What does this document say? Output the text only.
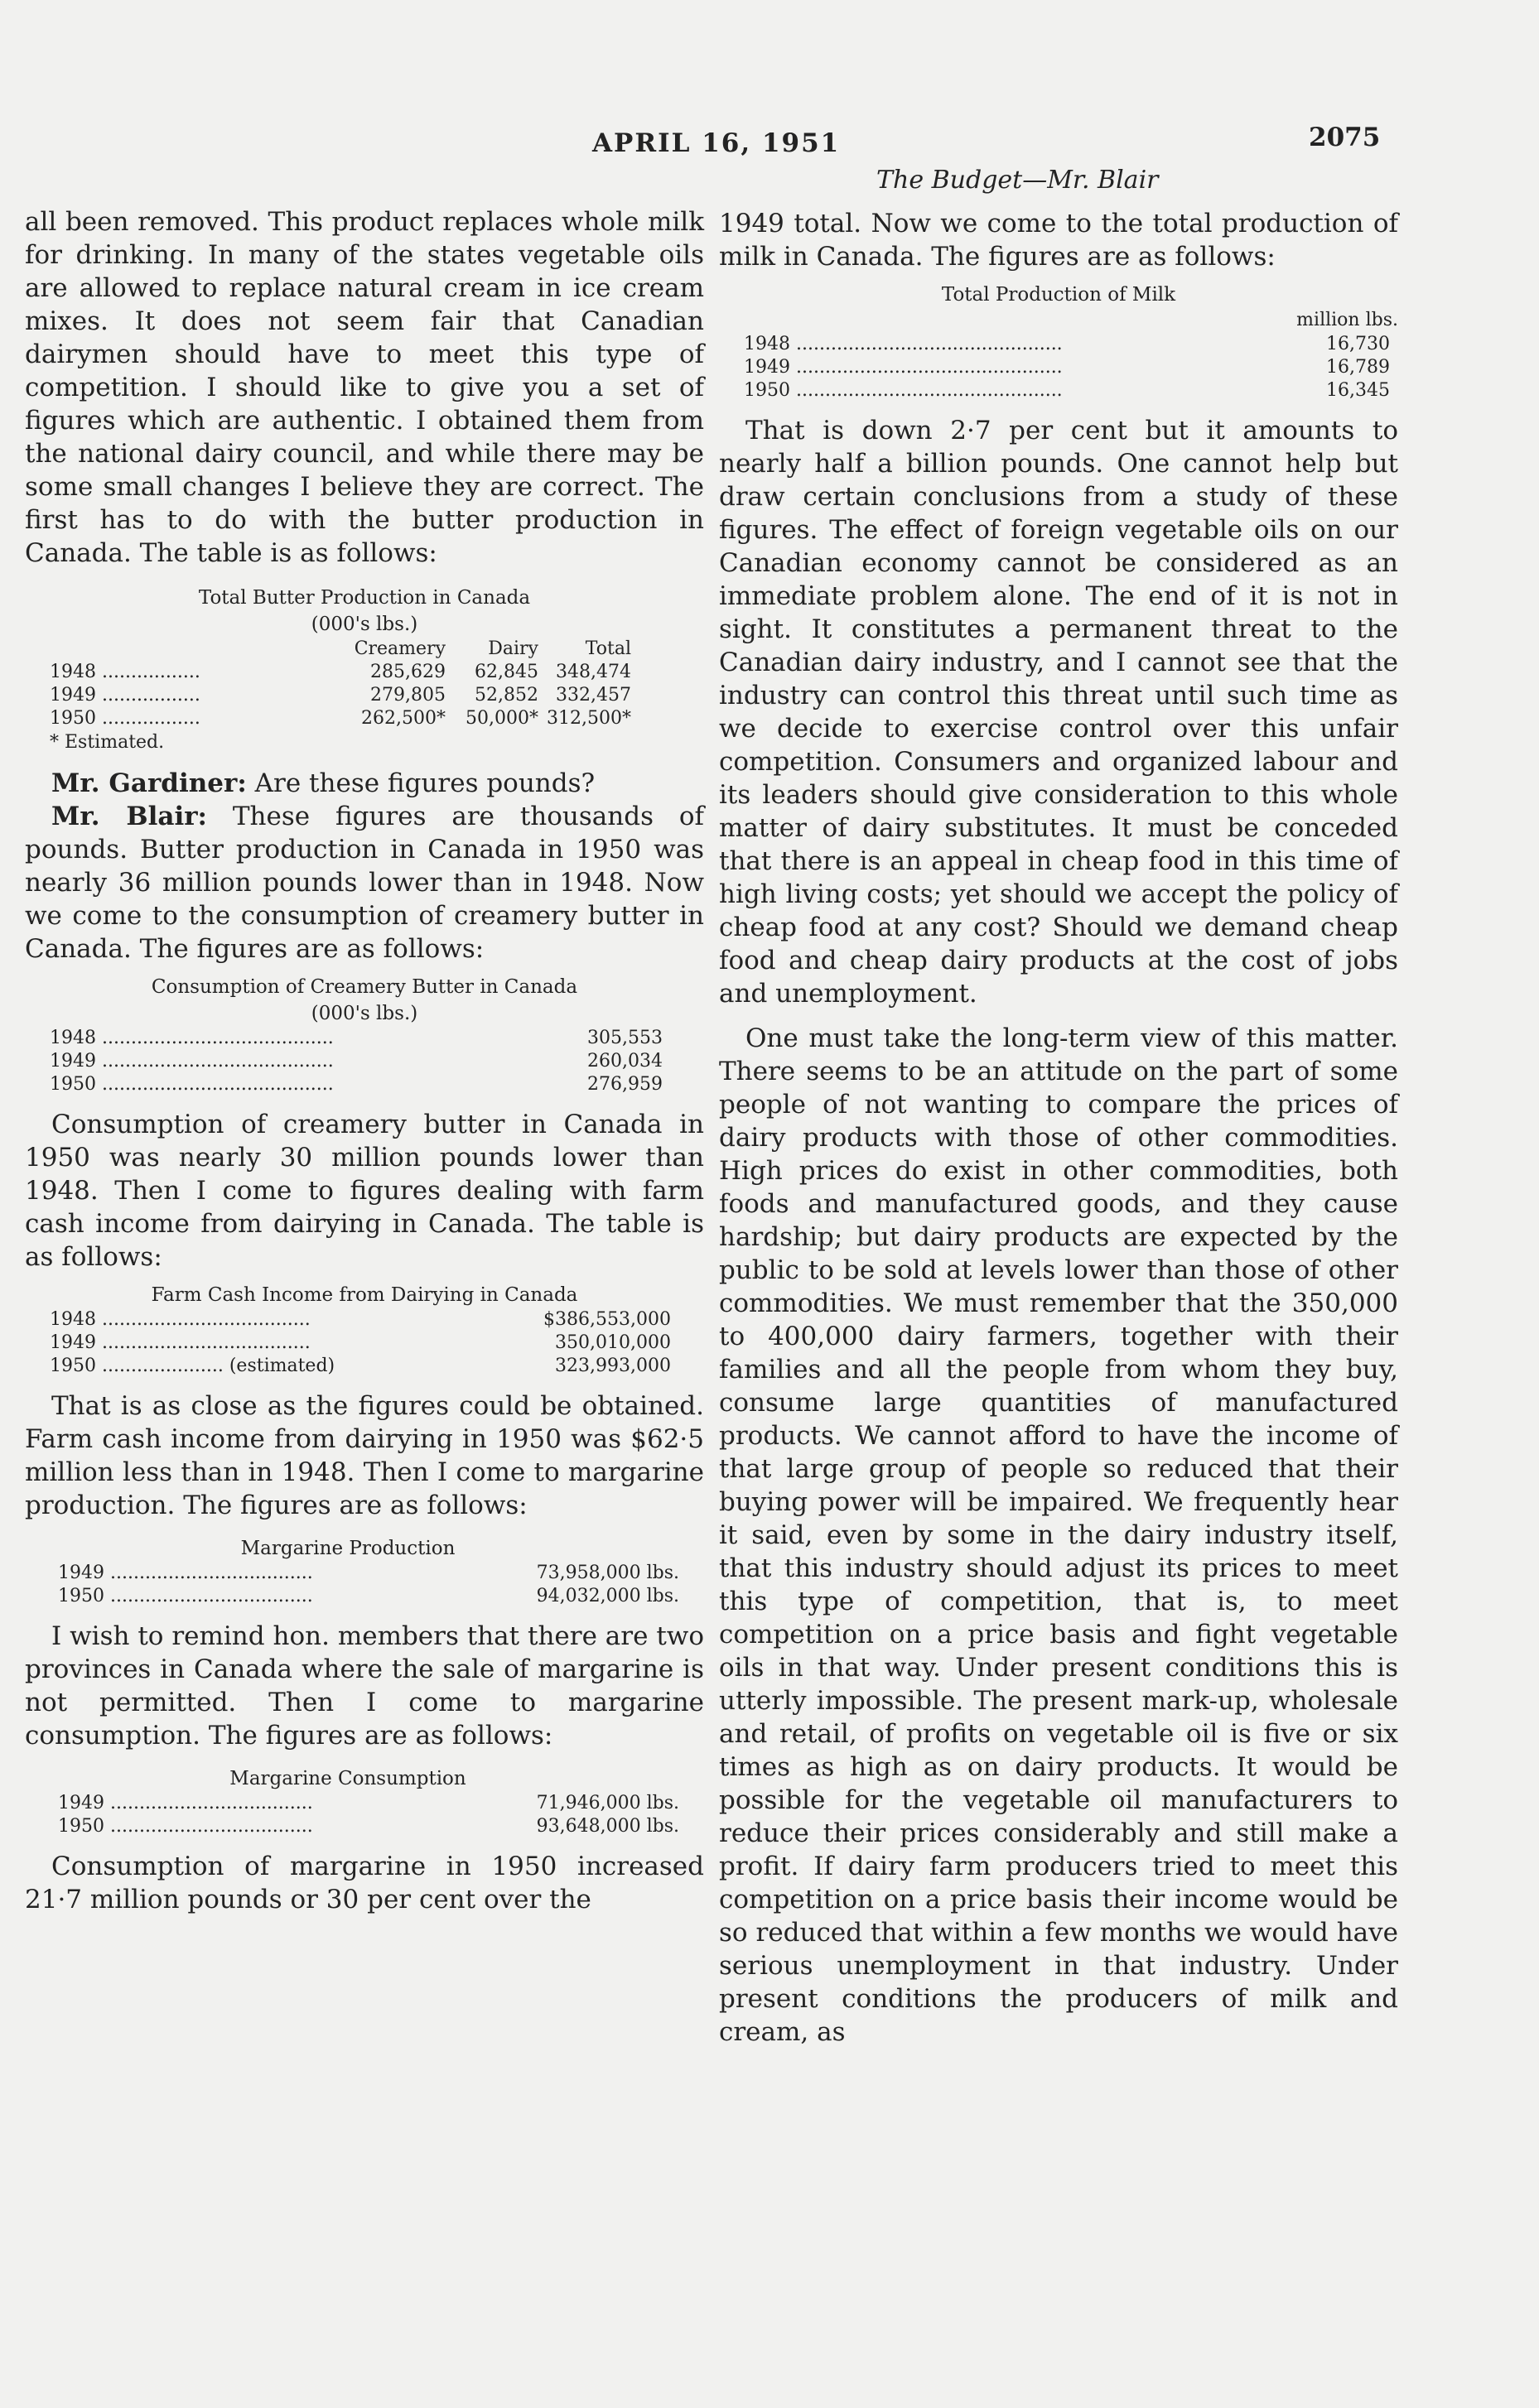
APRIL 16, 1951	2075
The Budget—Mr. Blair

all been removed. This product replaces whole milk for drinking. In many of the states vegetable oils are allowed to replace natural cream in ice cream mixes. It does not seem fair that Canadian dairymen should have to meet this type of competition. I should like to give you a set of figures which are authentic. I obtained them from the national dairy council, and while there may be some small changes I believe they are correct. The first has to do with the butter production in Canada. The table is as follows:

Total Butter Production in Canada
(000's lbs.)
	Creamery	Dairy	Total
1948 .................	285,629	62,845	348,474
1949 .................	279,805	52,852	332,457
1950 .................	262,500*	50,000*	312,500*
* Estimated.

Mr. Gardiner: Are these figures pounds?

Mr. Blair: These figures are thousands of pounds. Butter production in Canada in 1950 was nearly 36 million pounds lower than in 1948. Now we come to the consumption of creamery butter in Canada. The figures are as follows:

Consumption of Creamery Butter in Canada
(000's lbs.)
1948 ........................................	305,553
1949 ........................................	260,034
1950 ........................................	276,959

Consumption of creamery butter in Canada in 1950 was nearly 30 million pounds lower than 1948. Then I come to figures dealing with farm cash income from dairying in Canada. The table is as follows:

Farm Cash Income from Dairying in Canada
1948 ....................................	$386,553,000
1949 ....................................	350,010,000
1950 ..................... (estimated)	323,993,000

That is as close as the figures could be obtained. Farm cash income from dairying in 1950 was $62·5 million less than in 1948. Then I come to margarine production. The figures are as follows:

Margarine Production
1949 ...................................	73,958,000 lbs.
1950 ...................................	94,032,000 lbs.

I wish to remind hon. members that there are two provinces in Canada where the sale of margarine is not permitted. Then I come to margarine consumption. The figures are as follows:

Margarine Consumption
1949 ...................................	71,946,000 lbs.
1950 ...................................	93,648,000 lbs.

Consumption of margarine in 1950 increased 21·7 million pounds or 30 per cent over the

1949 total. Now we come to the total production of milk in Canada. The figures are as follows:

Total Production of Milk
million lbs.
1948 ..............................................	16,730
1949 ..............................................	16,789
1950 ..............................................	16,345

That is down 2·7 per cent but it amounts to nearly half a billion pounds. One cannot help but draw certain conclusions from a study of these figures. The effect of foreign vegetable oils on our Canadian economy cannot be considered as an immediate problem alone. The end of it is not in sight. It constitutes a permanent threat to the Canadian dairy industry, and I cannot see that the industry can control this threat until such time as we decide to exercise control over this unfair competition. Consumers and organized labour and its leaders should give consideration to this whole matter of dairy substitutes. It must be conceded that there is an appeal in cheap food in this time of high living costs; yet should we accept the policy of cheap food at any cost? Should we demand cheap food and cheap dairy products at the cost of jobs and unemployment.

One must take the long-term view of this matter. There seems to be an attitude on the part of some people of not wanting to compare the prices of dairy products with those of other commodities. High prices do exist in other commodities, both foods and manufactured goods, and they cause hardship; but dairy products are expected by the public to be sold at levels lower than those of other commodities. We must remember that the 350,000 to 400,000 dairy farmers, together with their families and all the people from whom they buy, consume large quantities of manufactured products. We cannot afford to have the income of that large group of people so reduced that their buying power will be impaired. We frequently hear it said, even by some in the dairy industry itself, that this industry should adjust its prices to meet this type of competition, that is, to meet competition on a price basis and fight vegetable oils in that way. Under present conditions this is utterly impossible. The present mark-up, wholesale and retail, of profits on vegetable oil is five or six times as high as on dairy products. It would be possible for the vegetable oil manufacturers to reduce their prices considerably and still make a profit. If dairy farm producers tried to meet this competition on a price basis their income would be so reduced that within a few months we would have serious unemployment in that industry. Under present conditions the producers of milk and cream, as
